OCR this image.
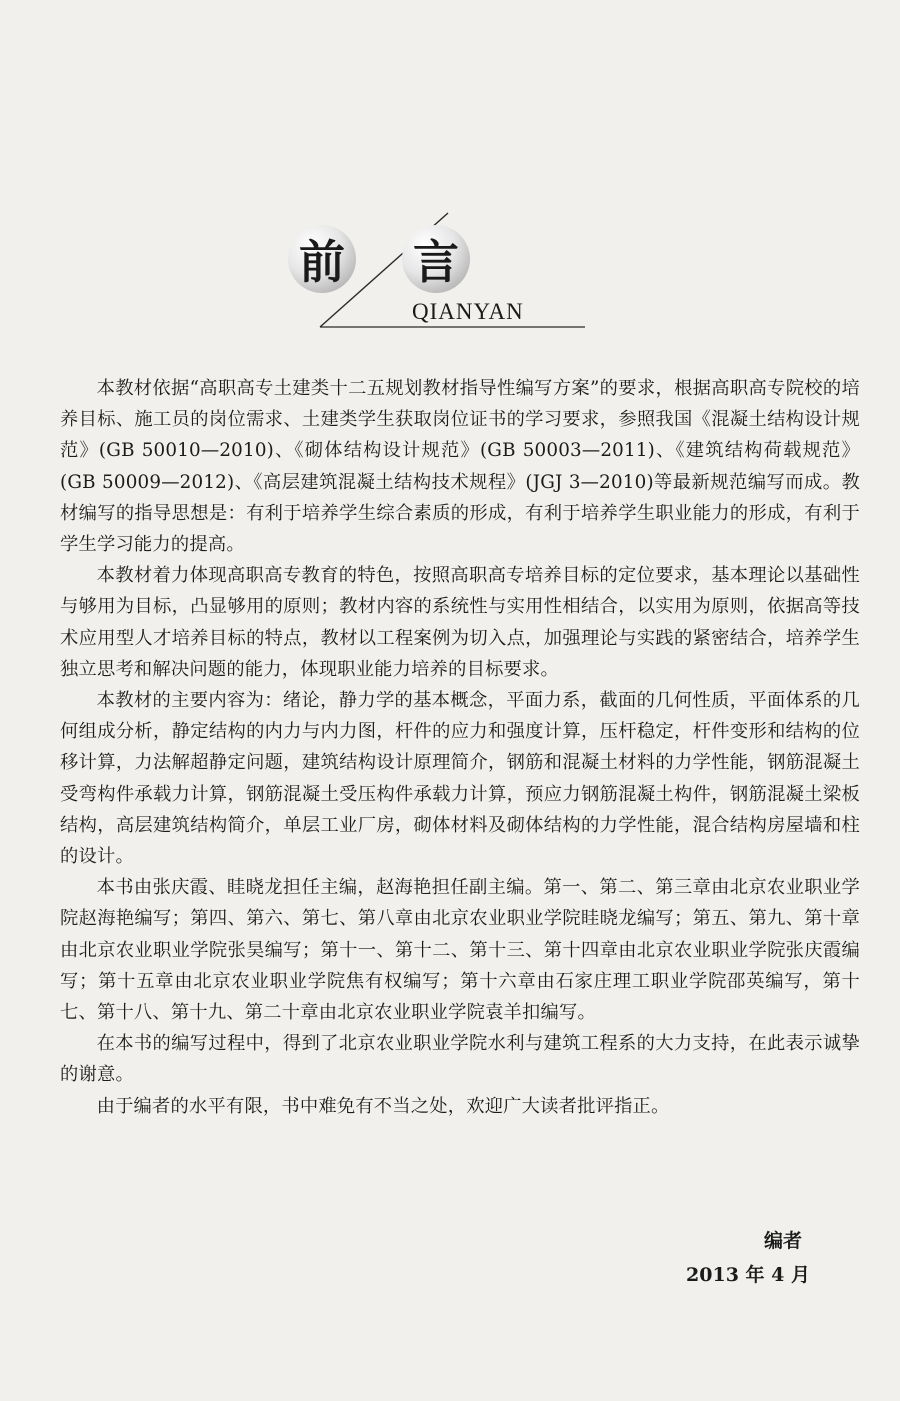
前 言
QIANYAN

本教材依据“高职高专土建类十二五规划教材指导性编写方案”的要求，根据高职高专院校的培养目标、施工员的岗位需求、土建类学生获取岗位证书的学习要求，参照我国《混凝土结构设计规范》(GB 50010—2010)、《砌体结构设计规范》(GB 50003—2011)、《建筑结构荷载规范》(GB 50009—2012)、《高层建筑混凝土结构技术规程》(JGJ 3—2010)等最新规范编写而成。教材编写的指导思想是：有利于培养学生综合素质的形成，有利于培养学生职业能力的形成，有利于学生学习能力的提高。

本教材着力体现高职高专教育的特色，按照高职高专培养目标的定位要求，基本理论以基础性与够用为目标，凸显够用的原则；教材内容的系统性与实用性相结合，以实用为原则，依据高等技术应用型人才培养目标的特点，教材以工程案例为切入点，加强理论与实践的紧密结合，培养学生独立思考和解决问题的能力，体现职业能力培养的目标要求。

本教材的主要内容为：绪论，静力学的基本概念，平面力系，截面的几何性质，平面体系的几何组成分析，静定结构的内力与内力图，杆件的应力和强度计算，压杆稳定，杆件变形和结构的位移计算，力法解超静定问题，建筑结构设计原理简介，钢筋和混凝土材料的力学性能，钢筋混凝土受弯构件承载力计算，钢筋混凝土受压构件承载力计算，预应力钢筋混凝土构件，钢筋混凝土梁板结构，高层建筑结构简介，单层工业厂房，砌体材料及砌体结构的力学性能，混合结构房屋墙和柱的设计。

本书由张庆霞、眭晓龙担任主编，赵海艳担任副主编。第一、第二、第三章由北京农业职业学院赵海艳编写；第四、第六、第七、第八章由北京农业职业学院眭晓龙编写；第五、第九、第十章由北京农业职业学院张昊编写；第十一、第十二、第十三、第十四章由北京农业职业学院张庆霞编写；第十五章由北京农业职业学院焦有权编写；第十六章由石家庄理工职业学院邵英编写，第十七、第十八、第十九、第二十章由北京农业职业学院袁羊扣编写。

在本书的编写过程中，得到了北京农业职业学院水利与建筑工程系的大力支持，在此表示诚挚的谢意。

由于编者的水平有限，书中难免有不当之处，欢迎广大读者批评指正。

编者
2013 年 4 月
